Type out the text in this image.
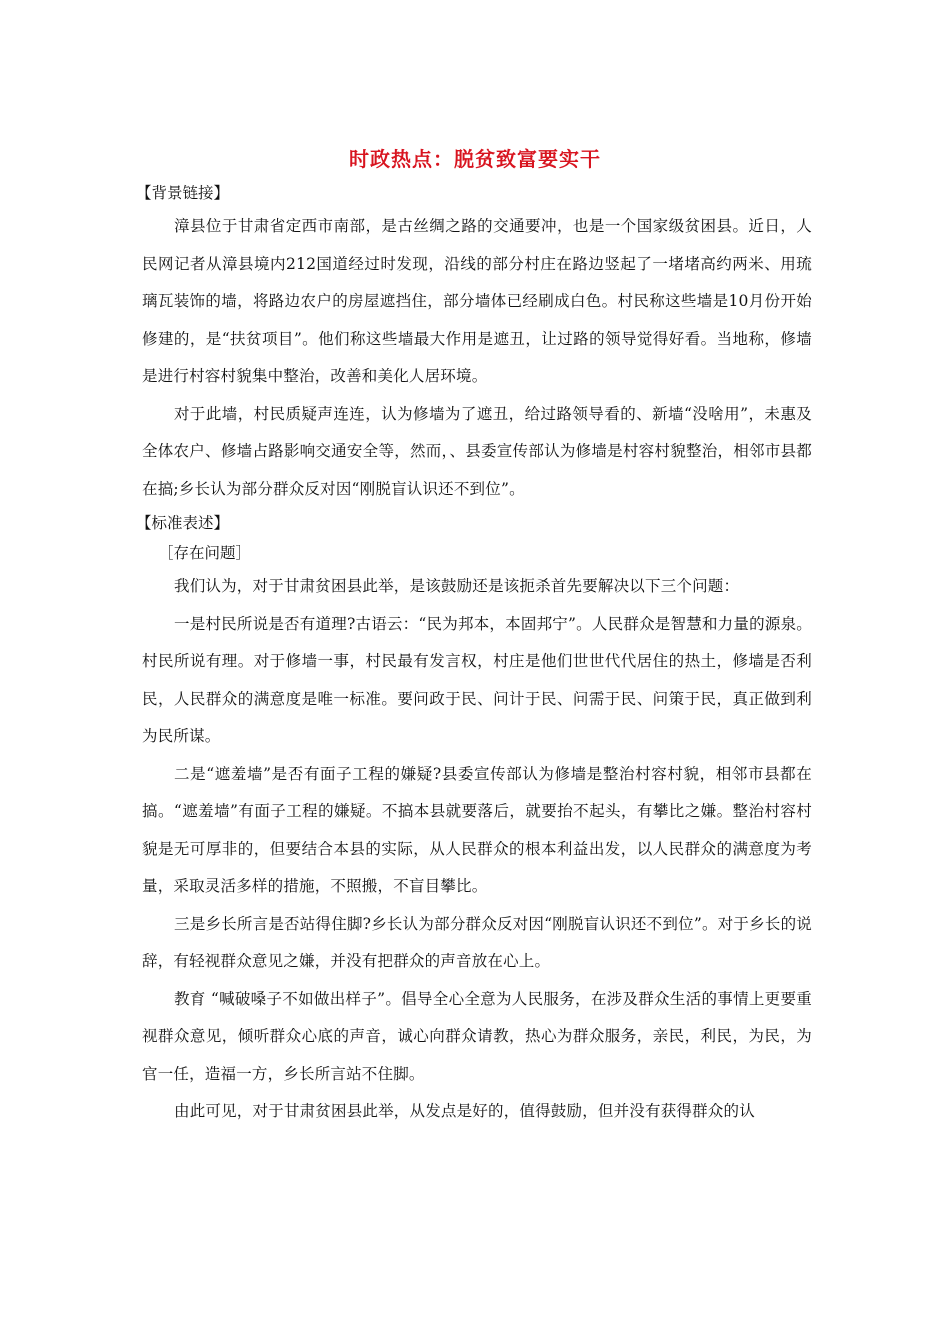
时政热点：脱贫致富要实干
【背景链接】

漳县位于甘肃省定西市南部，是古丝绸之路的交通要冲，也是一个国家级贫困县。近日，人民网记者从漳县境内212国道经过时发现，沿线的部分村庄在路边竖起了一堵堵高约两米、用琉璃瓦装饰的墙，将路边农户的房屋遮挡住，部分墙体已经刷成白色。村民称这些墙是10月份开始修建的，是“扶贫项目”。他们称这些墙最大作用是遮丑，让过路的领导觉得好看。当地称，修墙是进行村容村貌集中整治，改善和美化人居环境。

对于此墙，村民质疑声连连，认为修墙为了遮丑，给过路领导看的、新墙“没啥用”，未惠及全体农户、修墙占路影响交通安全等，然而，、县委宣传部认为修墙是村容村貌整治，相邻市县都在搞;乡长认为部分群众反对因“刚脱盲认识还不到位”。

【标准表述】
［存在问题］

我们认为，对于甘肃贫困县此举，是该鼓励还是该扼杀首先要解决以下三个问题：

一是村民所说是否有道理?古语云：“民为邦本，本固邦宁”。人民群众是智慧和力量的源泉。村民所说有理。对于修墙一事，村民最有发言权，村庄是他们世世代代居住的热土，修墙是否利民，人民群众的满意度是唯一标准。要问政于民、问计于民、问需于民、问策于民，真正做到利为民所谋。

二是“遮羞墙”是否有面子工程的嫌疑?县委宣传部认为修墙是整治村容村貌，相邻市县都在搞。“遮羞墙”有面子工程的嫌疑。不搞本县就要落后，就要抬不起头，有攀比之嫌。整治村容村貌是无可厚非的，但要结合本县的实际，从人民群众的根本利益出发，以人民群众的满意度为考量，采取灵活多样的措施，不照搬，不盲目攀比。

三是乡长所言是否站得住脚?乡长认为部分群众反对因“刚脱盲认识还不到位”。对于乡长的说辞，有轻视群众意见之嫌，并没有把群众的声音放在心上。

教育 “喊破嗓子不如做出样子”。倡导全心全意为人民服务，在涉及群众生活的事情上更要重视群众意见，倾听群众心底的声音，诚心向群众请教，热心为群众服务，亲民，利民，为民，为官一任，造福一方，乡长所言站不住脚。

由此可见，对于甘肃贫困县此举，从发点是好的，值得鼓励，但并没有获得群众的认
